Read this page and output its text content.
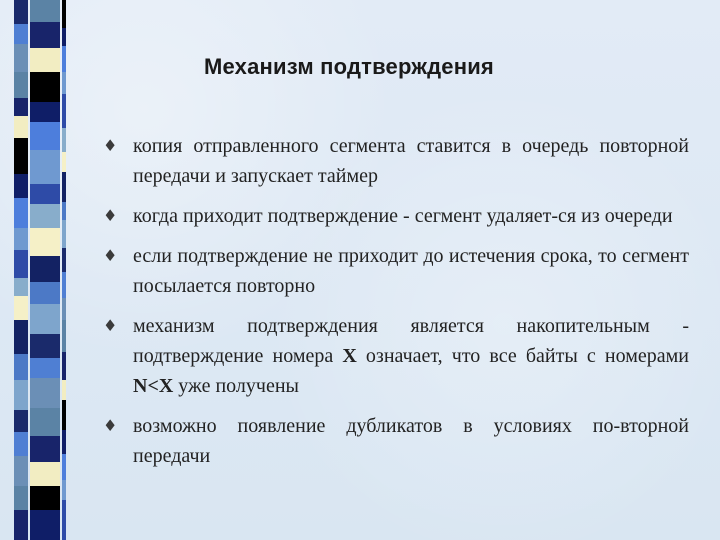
Механизм подтверждения
♦ копия отправленного сегмента ставится в очередь повторной передачи и запускает таймер
♦ когда приходит подтверждение - сегмент удаляет-ся из очереди
♦ если подтверждение не приходит до истечения срока, то сегмент посылается повторно
♦ механизм подтверждения является накопительным - подтверждение номера X означает, что все байты с номерами N<X уже получены
♦ возможно появление дубликатов в условиях по-вторной передачи
